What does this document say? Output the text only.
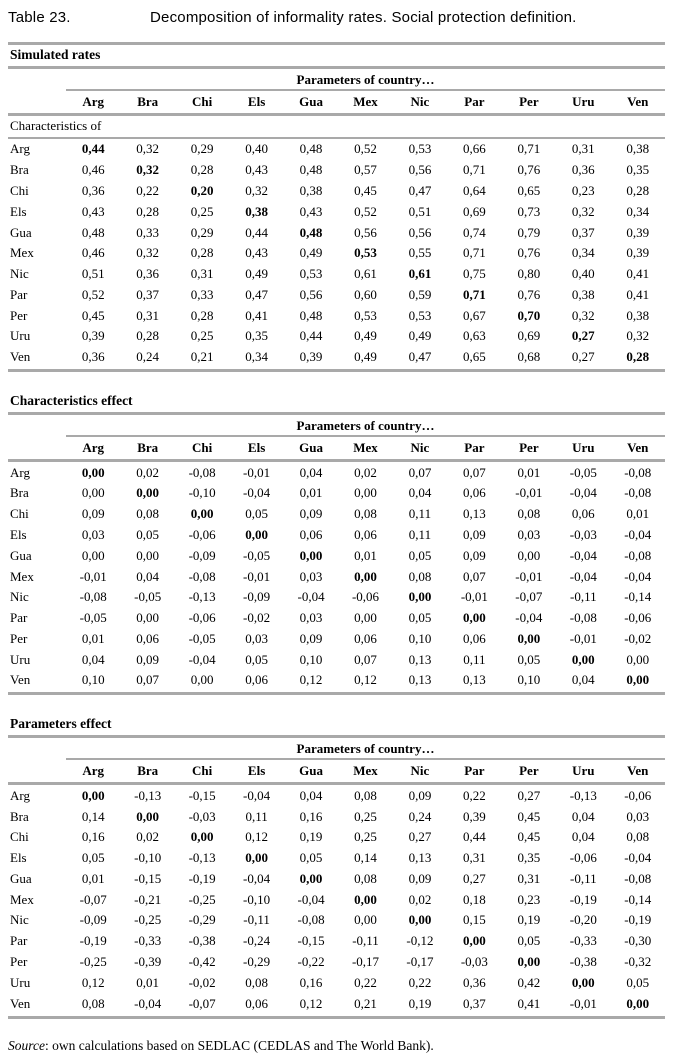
Table 23.	Decomposition of informality rates. Social protection definition.
Simulated rates
	Parameters of country…										
	Arg	Bra	Chi	Els	Gua	Mex	Nic	Par	Per	Uru	Ven
Characteristics of											
Arg	0,44	0,32	0,29	0,40	0,48	0,52	0,53	0,66	0,71	0,31	0,38
Bra	0,46	0,32	0,28	0,43	0,48	0,57	0,56	0,71	0,76	0,36	0,35
Chi	0,36	0,22	0,20	0,32	0,38	0,45	0,47	0,64	0,65	0,23	0,28
Els	0,43	0,28	0,25	0,38	0,43	0,52	0,51	0,69	0,73	0,32	0,34
Gua	0,48	0,33	0,29	0,44	0,48	0,56	0,56	0,74	0,79	0,37	0,39
Mex	0,46	0,32	0,28	0,43	0,49	0,53	0,55	0,71	0,76	0,34	0,39
Nic	0,51	0,36	0,31	0,49	0,53	0,61	0,61	0,75	0,80	0,40	0,41
Par	0,52	0,37	0,33	0,47	0,56	0,60	0,59	0,71	0,76	0,38	0,41
Per	0,45	0,31	0,28	0,41	0,48	0,53	0,53	0,67	0,70	0,32	0,38
Uru	0,39	0,28	0,25	0,35	0,44	0,49	0,49	0,63	0,69	0,27	0,32
Ven	0,36	0,24	0,21	0,34	0,39	0,49	0,47	0,65	0,68	0,27	0,28
Characteristics effect
	Parameters of country…										
	Arg	Bra	Chi	Els	Gua	Mex	Nic	Par	Per	Uru	Ven
Arg	0,00	0,02	-0,08	-0,01	0,04	0,02	0,07	0,07	0,01	-0,05	-0,08
Bra	0,00	0,00	-0,10	-0,04	0,01	0,00	0,04	0,06	-0,01	-0,04	-0,08
Chi	0,09	0,08	0,00	0,05	0,09	0,08	0,11	0,13	0,08	0,06	0,01
Els	0,03	0,05	-0,06	0,00	0,06	0,06	0,11	0,09	0,03	-0,03	-0,04
Gua	0,00	0,00	-0,09	-0,05	0,00	0,01	0,05	0,09	0,00	-0,04	-0,08
Mex	-0,01	0,04	-0,08	-0,01	0,03	0,00	0,08	0,07	-0,01	-0,04	-0,04
Nic	-0,08	-0,05	-0,13	-0,09	-0,04	-0,06	0,00	-0,01	-0,07	-0,11	-0,14
Par	-0,05	0,00	-0,06	-0,02	0,03	0,00	0,05	0,00	-0,04	-0,08	-0,06
Per	0,01	0,06	-0,05	0,03	0,09	0,06	0,10	0,06	0,00	-0,01	-0,02
Uru	0,04	0,09	-0,04	0,05	0,10	0,07	0,13	0,11	0,05	0,00	0,00
Ven	0,10	0,07	0,00	0,06	0,12	0,12	0,13	0,13	0,10	0,04	0,00
Parameters effect
	Parameters of country…										
	Arg	Bra	Chi	Els	Gua	Mex	Nic	Par	Per	Uru	Ven
Arg	0,00	-0,13	-0,15	-0,04	0,04	0,08	0,09	0,22	0,27	-0,13	-0,06
Bra	0,14	0,00	-0,03	0,11	0,16	0,25	0,24	0,39	0,45	0,04	0,03
Chi	0,16	0,02	0,00	0,12	0,19	0,25	0,27	0,44	0,45	0,04	0,08
Els	0,05	-0,10	-0,13	0,00	0,05	0,14	0,13	0,31	0,35	-0,06	-0,04
Gua	0,01	-0,15	-0,19	-0,04	0,00	0,08	0,09	0,27	0,31	-0,11	-0,08
Mex	-0,07	-0,21	-0,25	-0,10	-0,04	0,00	0,02	0,18	0,23	-0,19	-0,14
Nic	-0,09	-0,25	-0,29	-0,11	-0,08	0,00	0,00	0,15	0,19	-0,20	-0,19
Par	-0,19	-0,33	-0,38	-0,24	-0,15	-0,11	-0,12	0,00	0,05	-0,33	-0,30
Per	-0,25	-0,39	-0,42	-0,29	-0,22	-0,17	-0,17	-0,03	0,00	-0,38	-0,32
Uru	0,12	0,01	-0,02	0,08	0,16	0,22	0,22	0,36	0,42	0,00	0,05
Ven	0,08	-0,04	-0,07	0,06	0,12	0,21	0,19	0,37	0,41	-0,01	0,00

Source: own calculations based on SEDLAC (CEDLAS and The World Bank).
